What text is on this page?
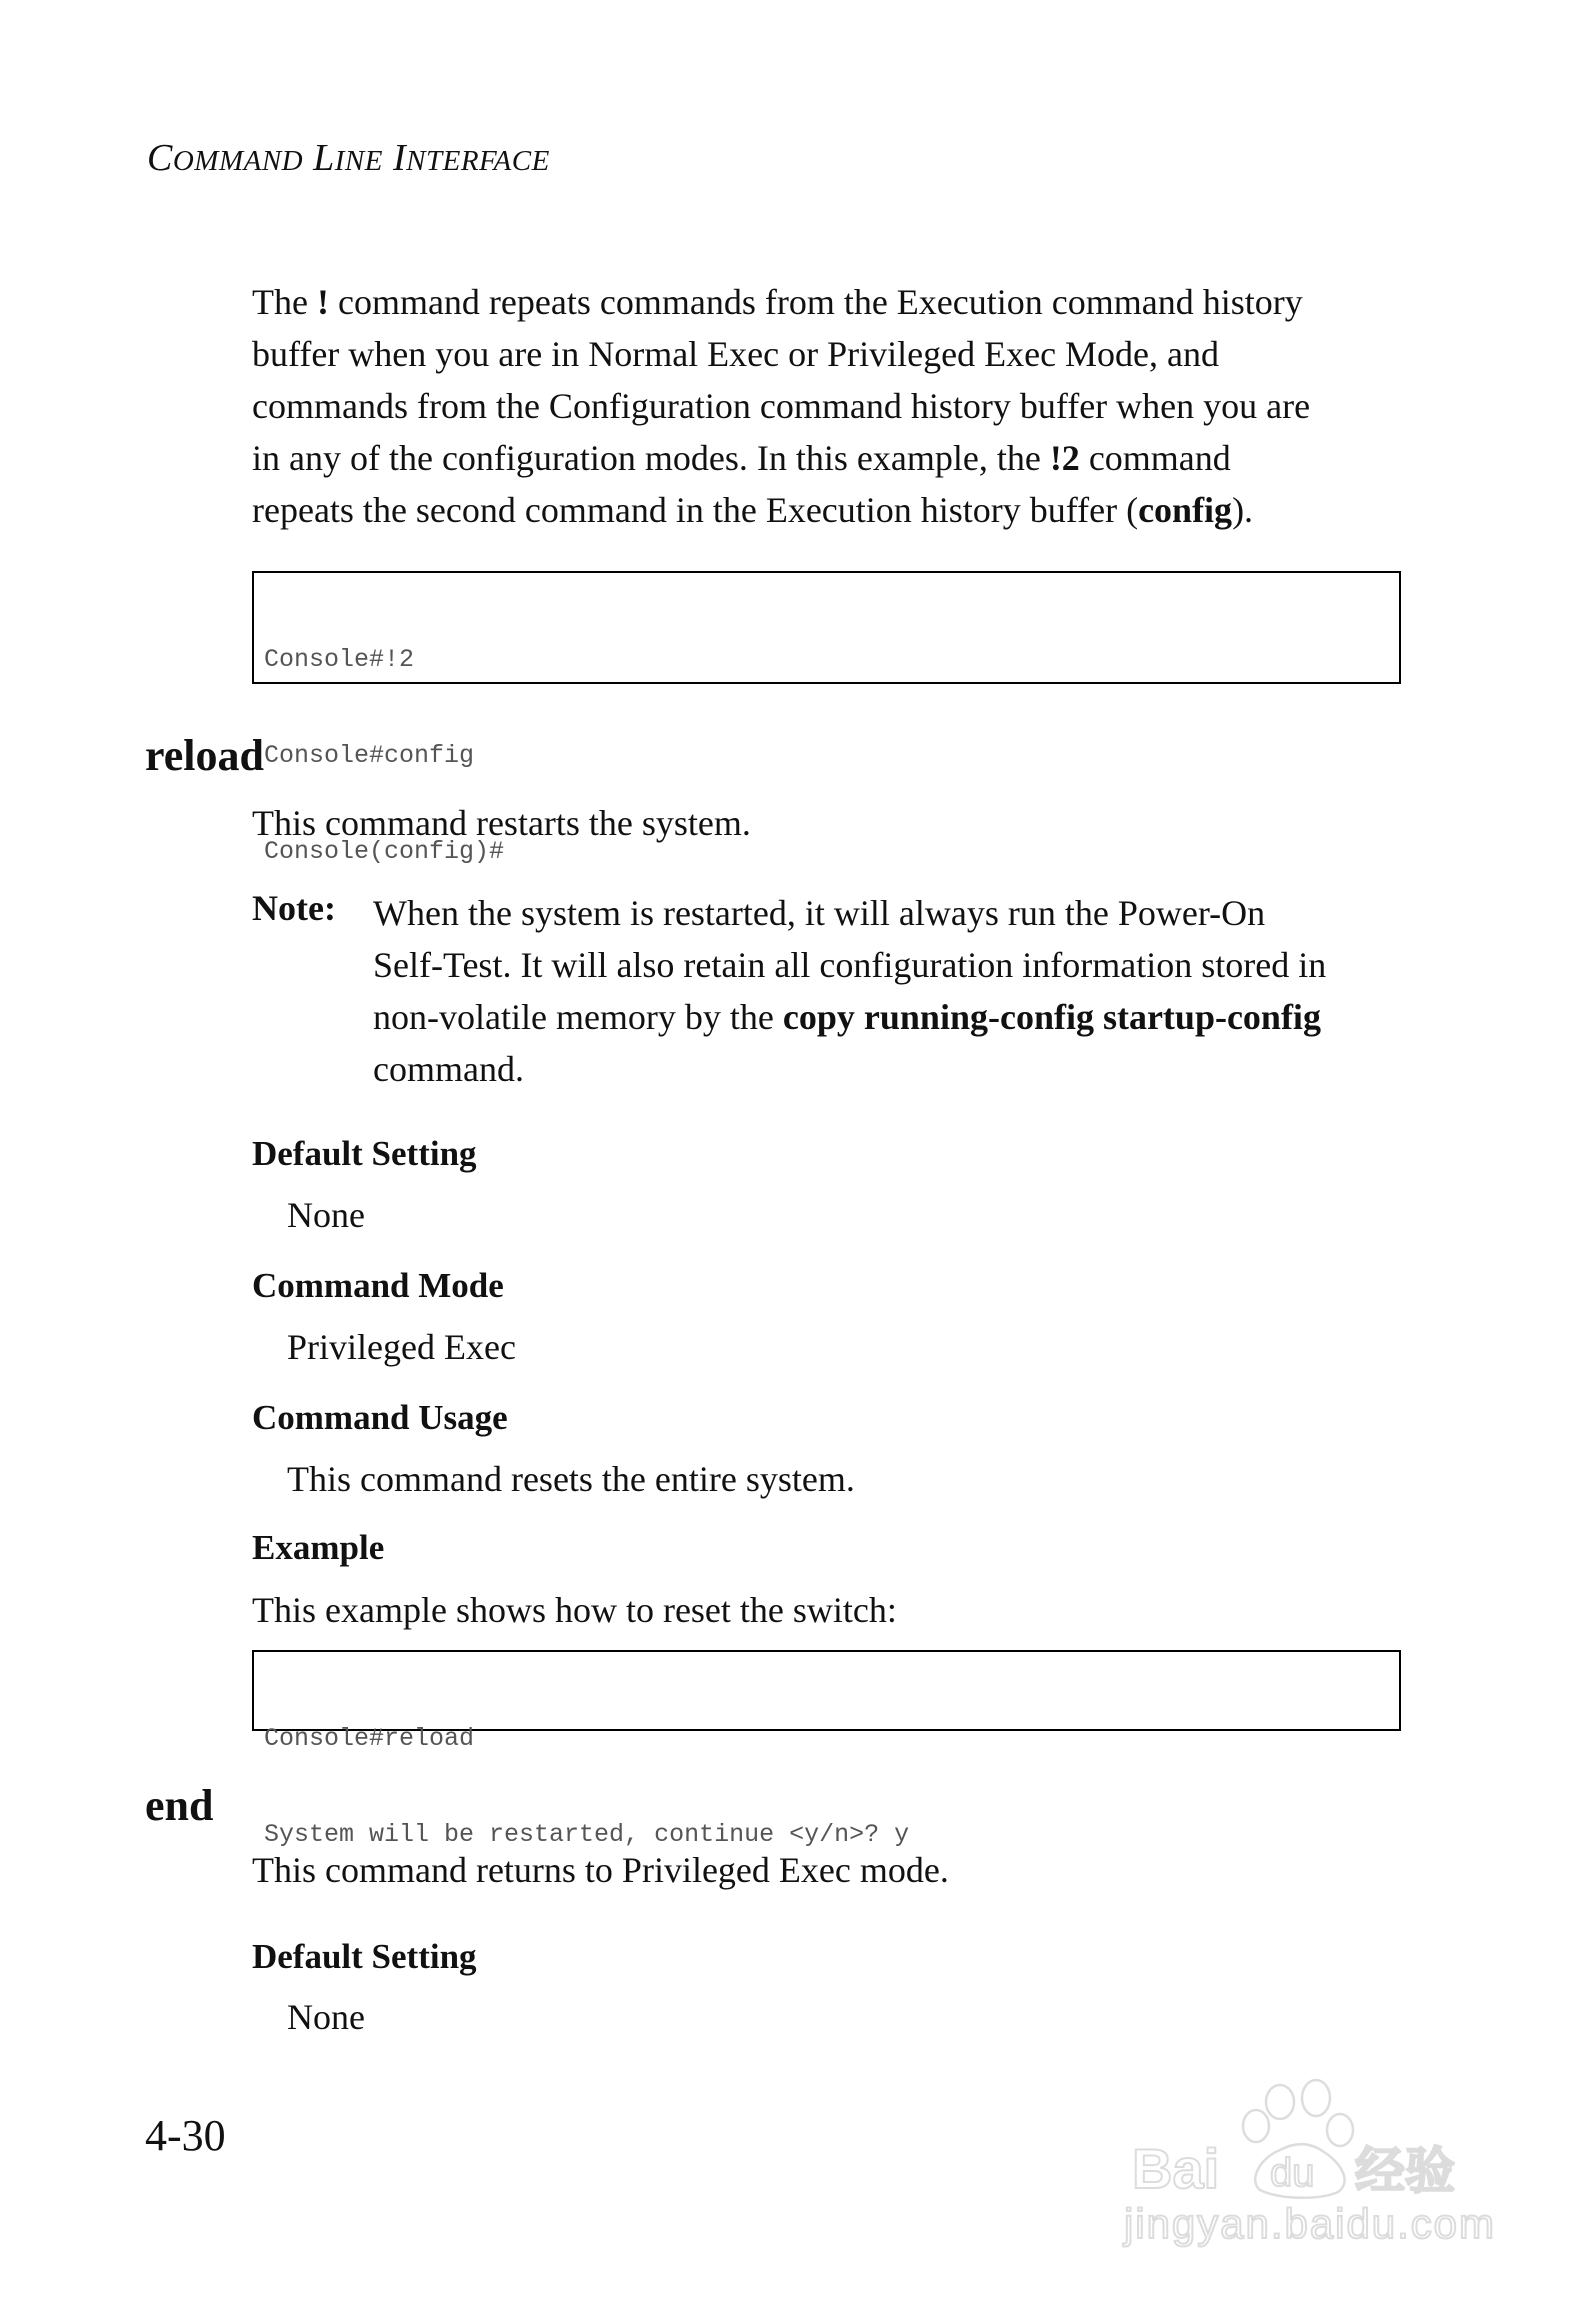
COMMAND LINE INTERFACE

The ! command repeats commands from the Execution command history

buffer when you are in Normal Exec or Privileged Exec Mode, and

commands from the Configuration command history buffer when you are

in any of the configuration modes. In this example, the !2 command

repeats the second command in the Execution history buffer (config).

Console#!2

Console#config

Console(config)#

reload
This command restarts the system.
Note: When the system is restarted, it will always run the Power-On

Self-Test. It will also retain all configuration information stored in

non-volatile memory by the copy running-config startup-config

command.

Default Setting
None
Command Mode
Privileged Exec
Command Usage
This command resets the entire system.
Example
This example shows how to reset the switch:

Console#reload

System will be restarted, continue <y/n>? y

end
This command returns to Privileged Exec mode.
Default Setting
None
4-30
Bai du 经验
jingyan.baidu.com
